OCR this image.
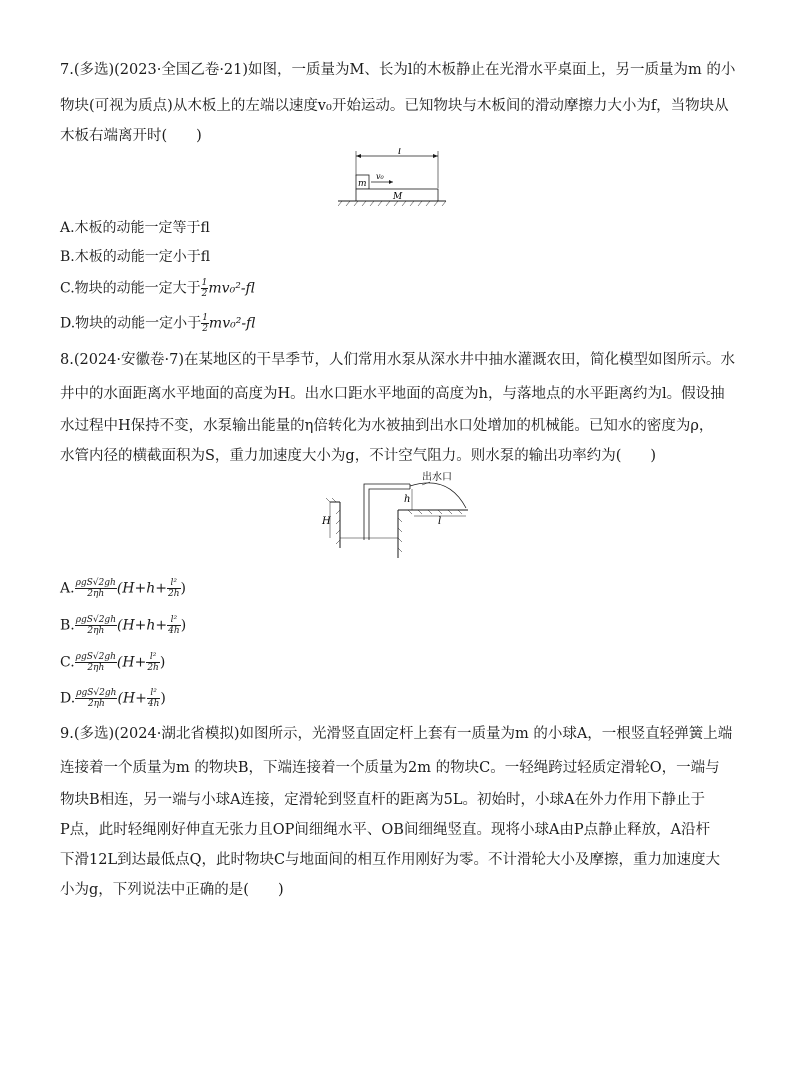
7.(多选)(2023·全国乙卷·21)如图，一质量为M、长为l的木板静止在光滑水平桌面上，另一质量为m 的小
物块(可视为质点)从木板上的左端以速度v₀开始运动。已知物块与木板间的滑动摩擦力大小为f，当物块从
木板右端离开时(　　)
l
m
v₀
M
A.木板的动能一定等于fl
B.木板的动能一定小于fl
C.物块的动能一定大于 $\frac{1}{2} mv_0^2-fl$
D.物块的动能一定小于 $\frac{1}{2} mv_0^2-fl$
8.(2024·安徽卷·7)在某地区的干旱季节，人们常用水泵从深水井中抽水灌溉农田，简化模型如图所示。水
井中的水面距离水平地面的高度为H。出水口距水平地面的高度为h，与落地点的水平距离约为l。假设抽
水过程中H保持不变，水泵输出能量的η倍转化为水被抽到出水口处增加的机械能。已知水的密度为ρ，
水管内径的横截面积为S，重力加速度大小为g，不计空气阻力。则水泵的输出功率约为(　　)
H
出水口
h
l
A. $\frac{\text{ρgS√2gh}}{2\eta h} (H+h+ \frac{\text{l²}}{2h}$ )
B. $\frac{\text{ρgS√2gh}}{2\eta h} (H+h+ \frac{\text{l²}}{4h}$ )
C. $\frac{\text{ρgS√2gh}}{2\eta h} (H+ \frac{\text{l²}}{2h}$ )
D. $\frac{\text{ρgS√2gh}}{2\eta h} (H+ \frac{\text{l²}}{4h}$ )
9.(多选)(2024·湖北省模拟)如图所示，光滑竖直固定杆上套有一质量为m 的小球A，一根竖直轻弹簧上端
连接着一个质量为m 的物块B，下端连接着一个质量为2m 的物块C。一轻绳跨过轻质定滑轮O，一端与
物块B相连，另一端与小球A连接，定滑轮到竖直杆的距离为5L。初始时，小球A在外力作用下静止于
P点，此时轻绳刚好伸直无张力且OP间细绳水平、OB间细绳竖直。现将小球A由P点静止释放，A沿杆
下滑12L到达最低点Q，此时物块C与地面间的相互作用刚好为零。不计滑轮大小及摩擦，重力加速度大
小为g，下列说法中正确的是(　　)
